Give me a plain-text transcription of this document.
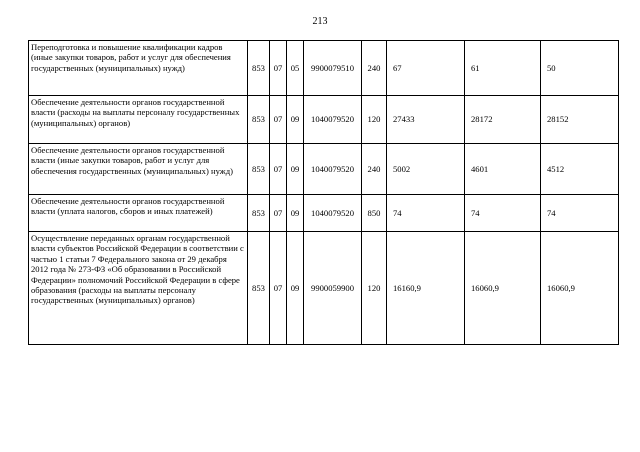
213
Переподготовка и повышение квалификации кадров (иные закупки товаров, работ и услуг для обеспечения государственных (муниципальных) нужд)	853	07	05	9900079510	240	67	61	50
Обеспечение деятельности органов государственной власти (расходы на выплаты персоналу государственных (муниципальных) органов)	853	07	09	1040079520	120	27433	28172	28152
Обеспечение деятельности органов государственной власти (иные закупки товаров, работ и услуг для обеспечения государственных (муниципальных) нужд)	853	07	09	1040079520	240	5002	4601	4512
Обеспечение деятельности органов государственной власти (уплата налогов, сборов и иных платежей)	853	07	09	1040079520	850	74	74	74
Осуществление переданных органам государственной власти субъектов Российской Федерации в соответствии с частью 1 статьи 7 Федерального закона от 29 декабря 2012 года № 273-ФЗ «Об образовании в Российской Федерации» полномочий Российской Федерации в сфере образования (расходы на выплаты персоналу государственных (муниципальных) органов)	853	07	09	9900059900	120	16160,9	16060,9	16060,9
